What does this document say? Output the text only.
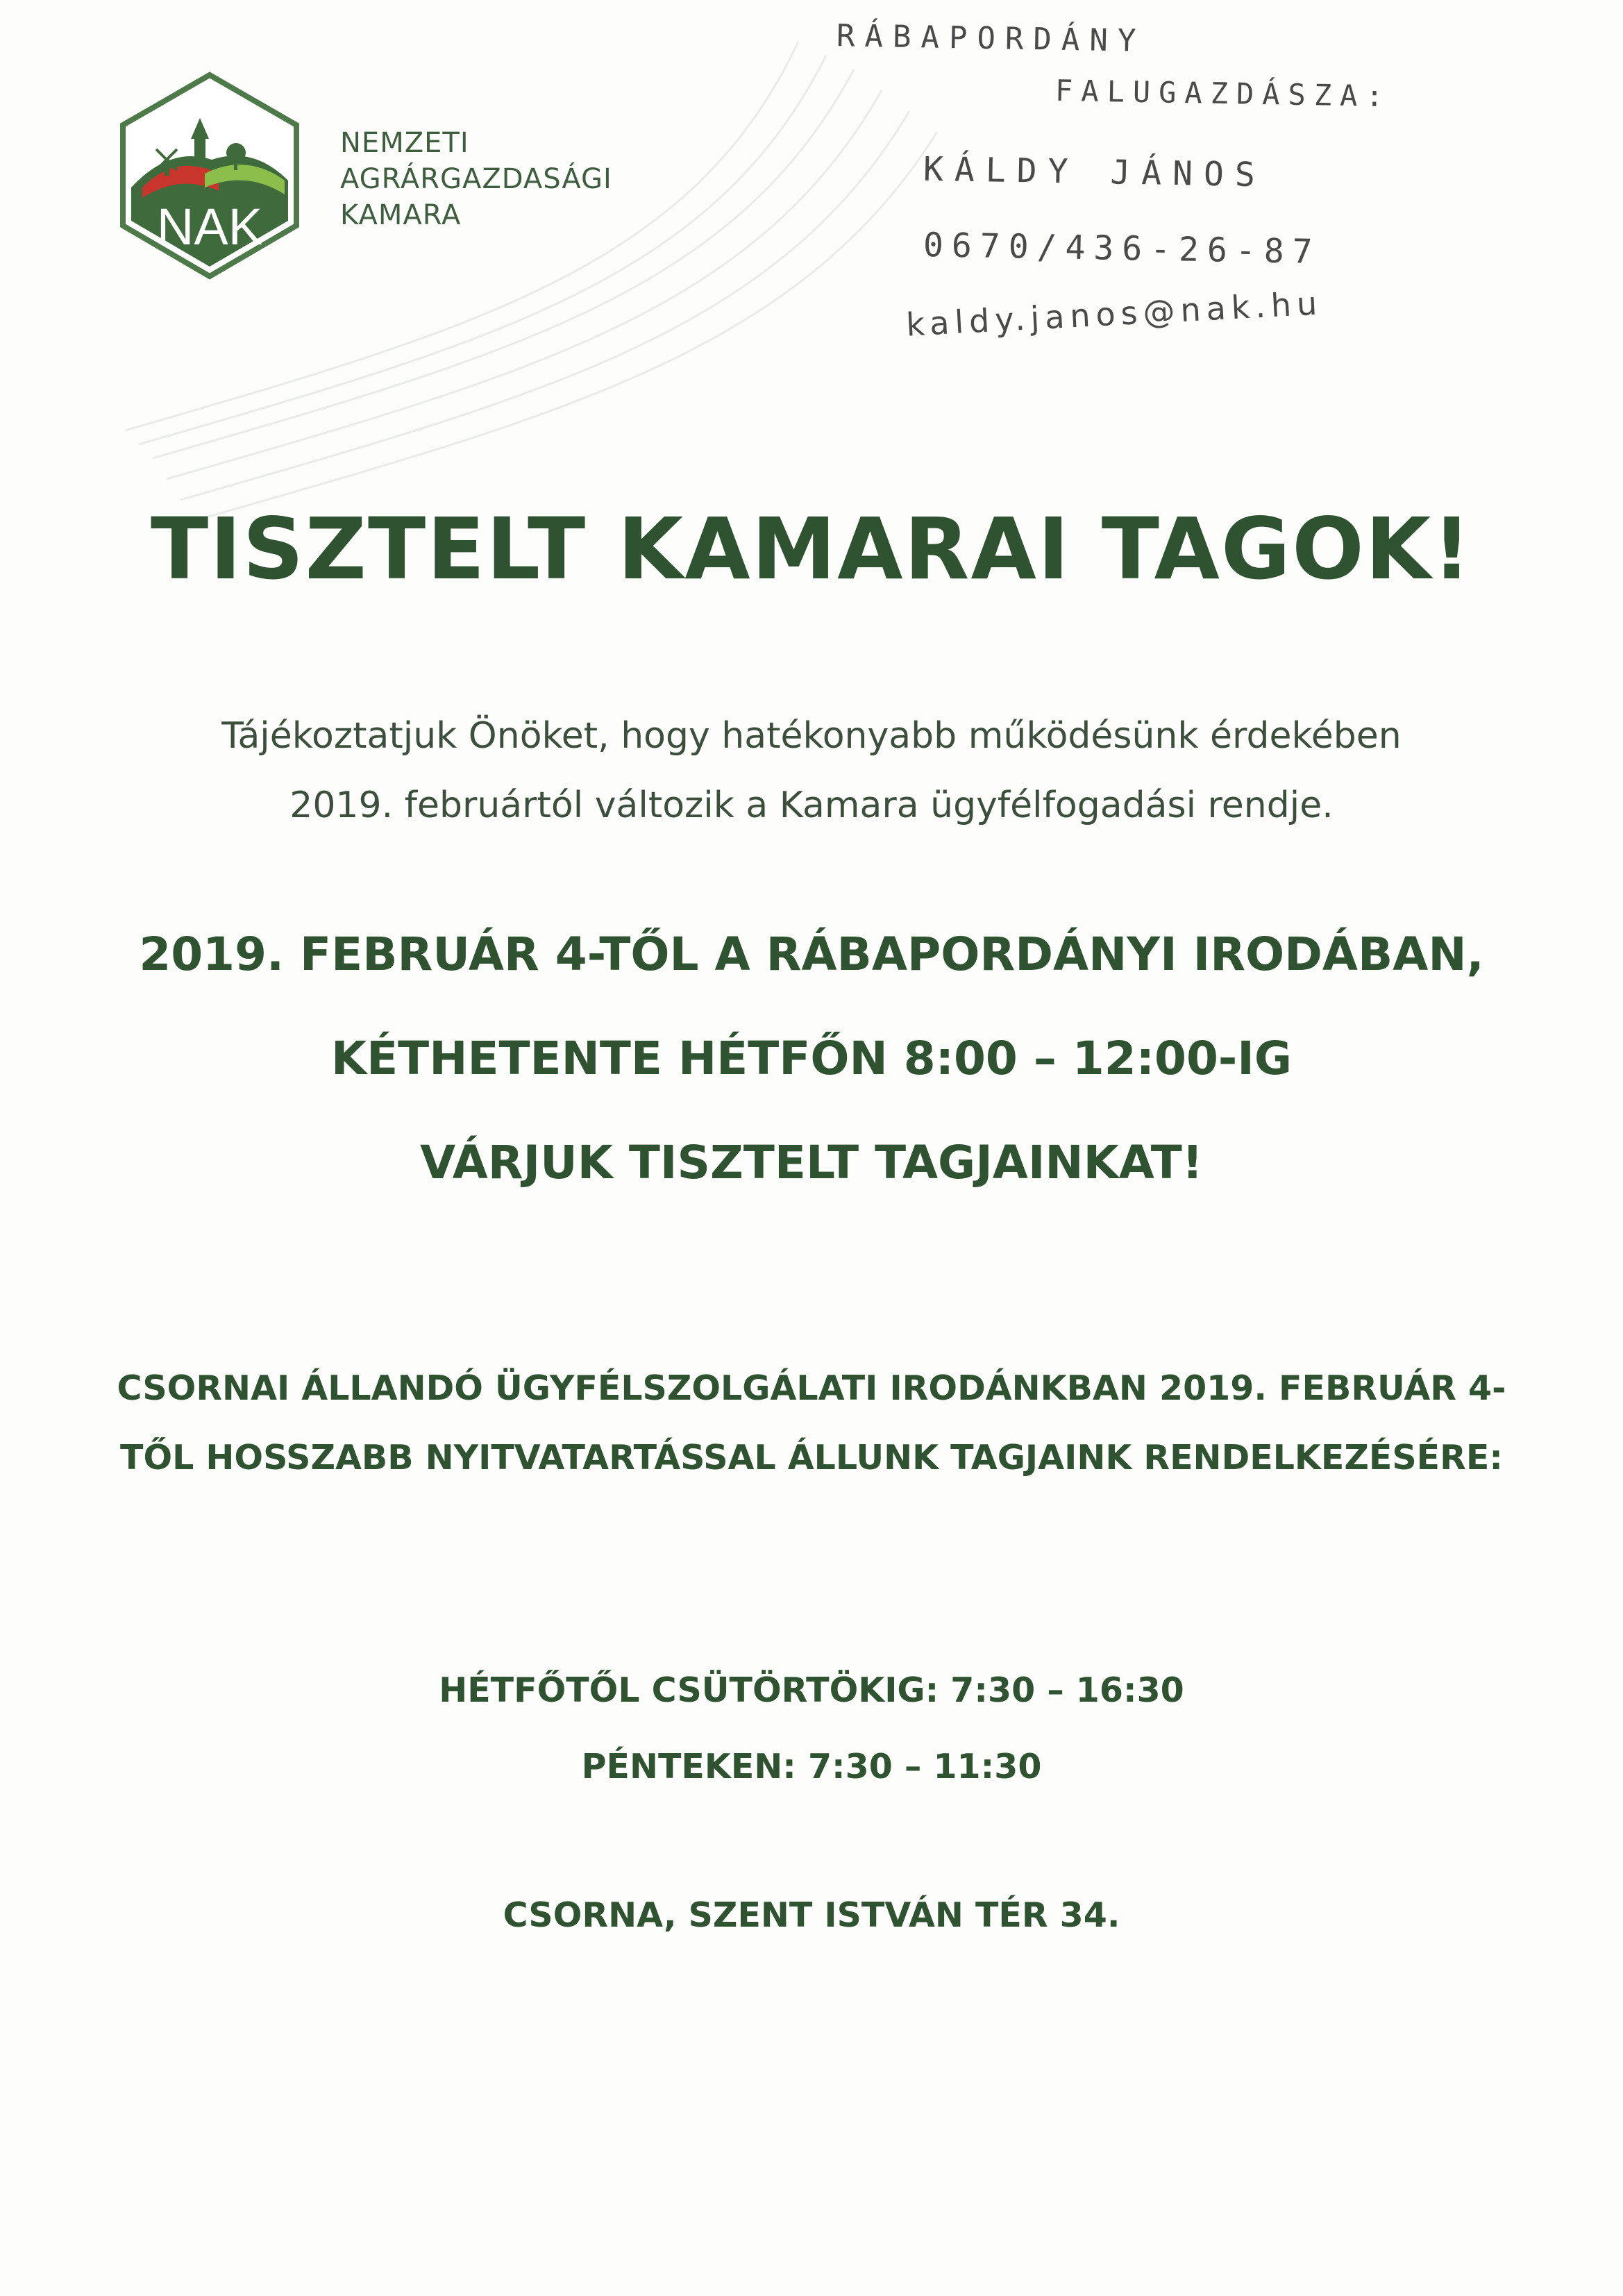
NAK
NEMZETI
AGRÁRGAZDASÁGI
KAMARA
RÁBAPORDÁNY
FALUGAZDÁSZA:
KÁLDY JÁNOS
0670/436-26-87
kaldy.janos@nak.hu
TISZTELT KAMARAI TAGOK!
Tájékoztatjuk Önöket, hogy hatékonyabb működésünk érdekében
2019. februártól változik a Kamara ügyfélfogadási rendje.
2019. FEBRUÁR 4-TŐL A RÁBAPORDÁNYI IRODÁBAN,
KÉTHETENTE HÉTFŐN 8:00 – 12:00-IG
VÁRJUK TISZTELT TAGJAINKAT!
CSORNAI ÁLLANDÓ ÜGYFÉLSZOLGÁLATI IRODÁNKBAN 2019. FEBRUÁR 4-
TŐL HOSSZABB NYITVATARTÁSSAL ÁLLUNK TAGJAINK RENDELKEZÉSÉRE:
HÉTFŐTŐL CSÜTÖRTÖKIG: 7:30 – 16:30
PÉNTEKEN: 7:30 – 11:30
CSORNA, SZENT ISTVÁN TÉR 34.
